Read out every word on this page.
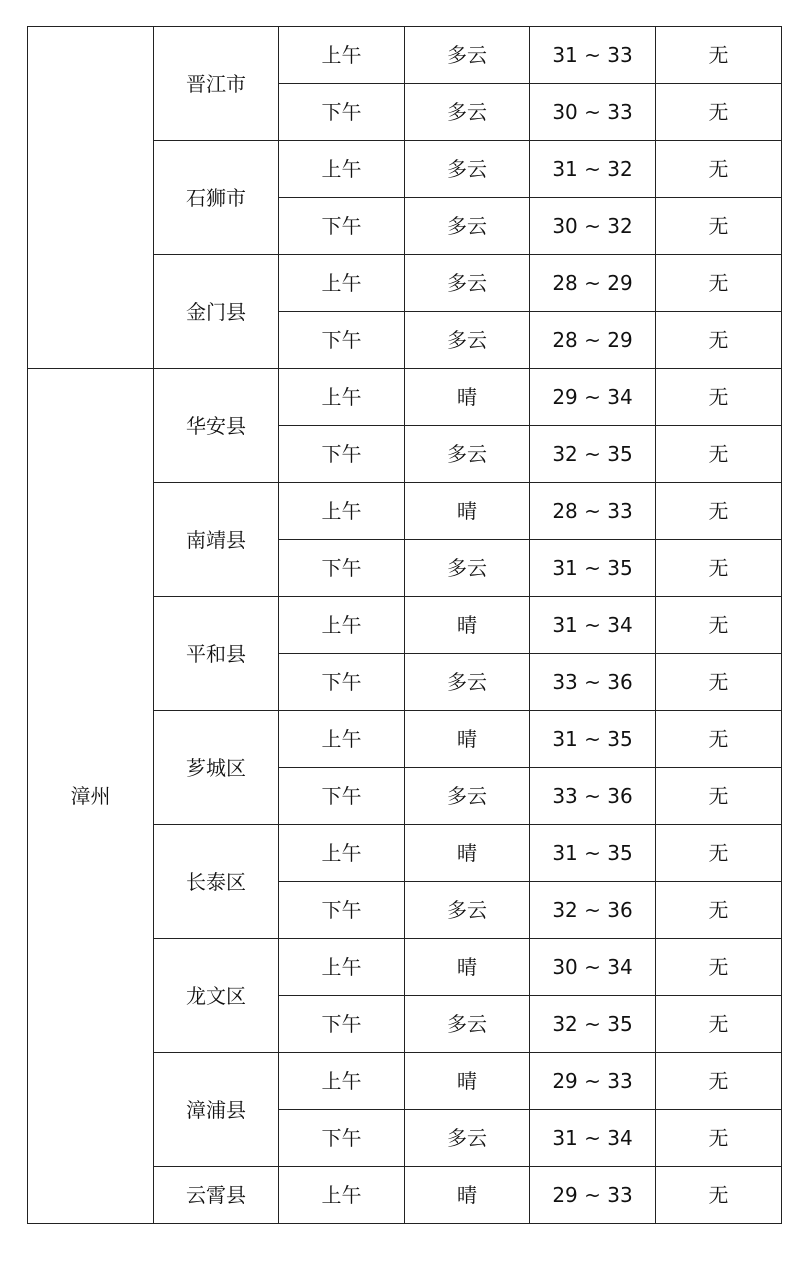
	晋江市	上午	多云	31 ~ 33	无
		下午	多云	30 ~ 33	无
	石狮市	上午	多云	31 ~ 32	无
		下午	多云	30 ~ 32	无
	金门县	上午	多云	28 ~ 29	无
		下午	多云	28 ~ 29	无
漳州	华安县	上午	晴	29 ~ 34	无
		下午	多云	32 ~ 35	无
	南靖县	上午	晴	28 ~ 33	无
		下午	多云	31 ~ 35	无
	平和县	上午	晴	31 ~ 34	无
		下午	多云	33 ~ 36	无
	芗城区	上午	晴	31 ~ 35	无
		下午	多云	33 ~ 36	无
	长泰区	上午	晴	31 ~ 35	无
		下午	多云	32 ~ 36	无
	龙文区	上午	晴	30 ~ 34	无
		下午	多云	32 ~ 35	无
	漳浦县	上午	晴	29 ~ 33	无
		下午	多云	31 ~ 34	无
	云霄县	上午	晴	29 ~ 33	无
